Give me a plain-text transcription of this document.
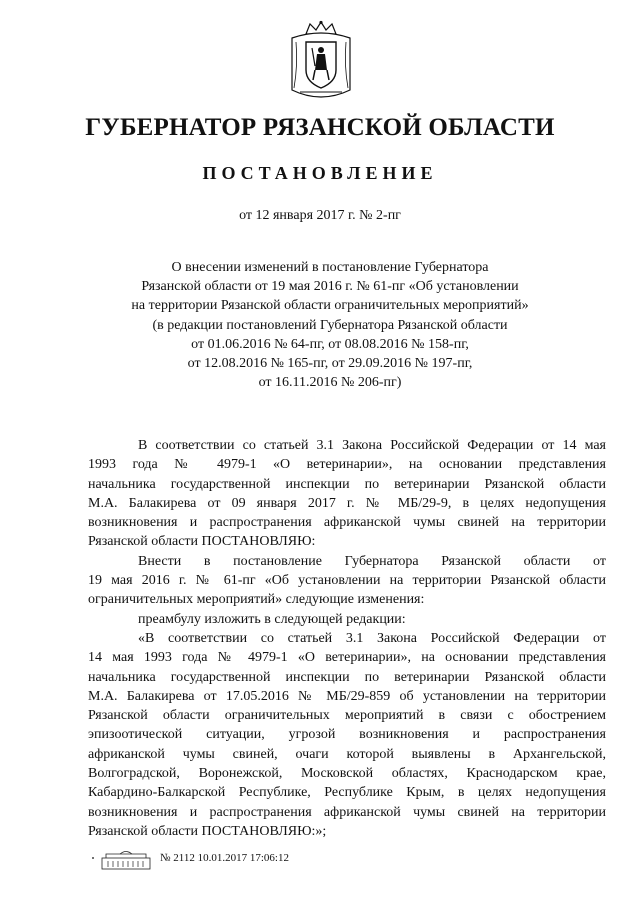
ГУБЕРНАТОР РЯЗАНСКОЙ ОБЛАСТИ
ПОСТАНОВЛЕНИЕ

от 12 января 2017 г. № 2-пг

О внесении изменений в постановление Губернатора
Рязанской области от 19 мая 2016 г. № 61-пг «Об установлении
на территории Рязанской области ограничительных мероприятий»
(в редакции постановлений Губернатора Рязанской области
от 01.06.2016 № 64-пг, от 08.08.2016 № 158-пг,
от 12.08.2016 № 165-пг, от 29.09.2016 № 197-пг,
от 16.11.2016 № 206-пг)
В соответствии со статьей 3.1 Закона Российской Федерации от 14 мая
1993 года № 4979-1 «О ветеринарии», на основании представления
начальника государственной инспекции по ветеринарии Рязанской области
М.А. Балакирева от 09 января 2017 г. № МБ/29-9, в целях недопущения
возникновения и распространения африканской чумы свиней на территории
Рязанской области ПОСТАНОВЛЯЮ:
Внести в постановление Губернатора Рязанской области от
19 мая 2016 г. № 61-пг «Об установлении на территории Рязанской области
ограничительных мероприятий» следующие изменения:
преамбулу изложить в следующей редакции:
«В соответствии со статьей 3.1 Закона Российской Федерации от
14 мая 1993 года № 4979-1 «О ветеринарии», на основании представления
начальника государственной инспекции по ветеринарии Рязанской области
М.А. Балакирева от 17.05.2016 № МБ/29-859 об установлении на территории
Рязанской области ограничительных мероприятий в связи с обострением
эпизоотической ситуации, угрозой возникновения и распространения
африканской чумы свиней, очаги которой выявлены в Архангельской,
Волгоградской, Воронежской, Московской областях, Краснодарском крае,
Кабардино-Балкарской Республике, Республике Крым, в целях недопущения
возникновения и распространения африканской чумы свиней на территории
Рязанской области ПОСТАНОВЛЯЮ:»;
№ 2112 10.01.2017 17:06:12
